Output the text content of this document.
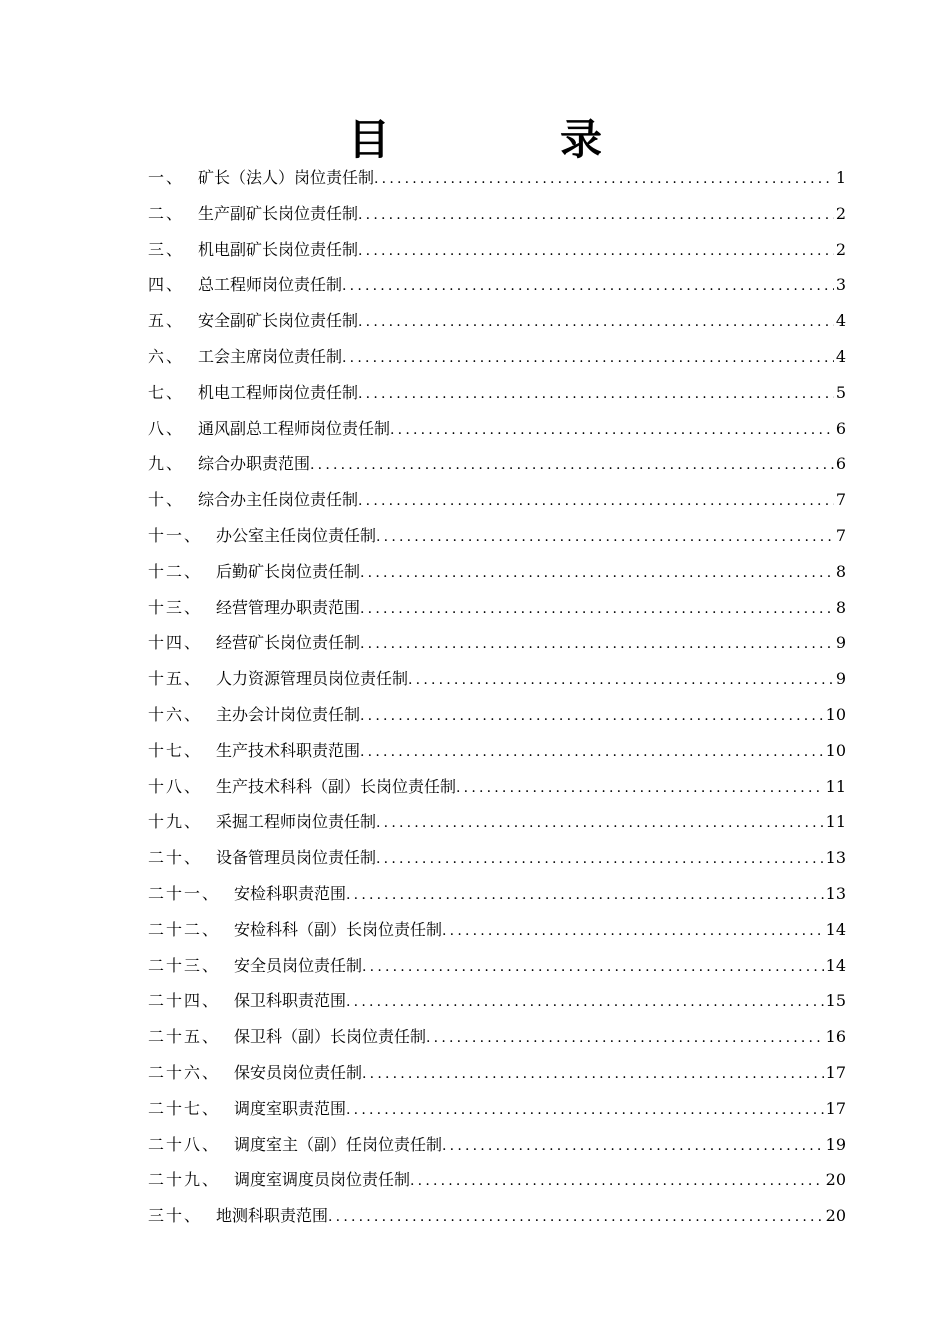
目　录
一、 矿长（法人）岗位责任制 .....	1
二、 生产副矿长岗位责任制 .....	2
三、 机电副矿长岗位责任制 .....	2
四、 总工程师岗位责任制 .....	3
五、 安全副矿长岗位责任制 .....	4
六、 工会主席岗位责任制 .....	4
七、 机电工程师岗位责任制 .....	5
八、 通风副总工程师岗位责任制 .....	6
九、 综合办职责范围 .....	6
十、 综合办主任岗位责任制 .....	7
十一、 办公室主任岗位责任制 .....	7
十二、 后勤矿长岗位责任制 .....	8
十三、 经营管理办职责范围 .....	8
十四、 经营矿长岗位责任制 .....	9
十五、 人力资源管理员岗位责任制 .....	9
十六、 主办会计岗位责任制 .....	10
十七、 生产技术科职责范围 .....	10
十八、 生产技术科科（副）长岗位责任制 .....	11
十九、 采掘工程师岗位责任制 .....	11
二十、 设备管理员岗位责任制 .....	13
二十一、 安检科职责范围 .....	13
二十二、 安检科科（副）长岗位责任制 .....	14
二十三、 安全员岗位责任制 .....	14
二十四、 保卫科职责范围 .....	15
二十五、 保卫科（副）长岗位责任制 .....	16
二十六、 保安员岗位责任制 .....	17
二十七、 调度室职责范围 .....	17
二十八、 调度室主（副）任岗位责任制 .....	19
二十九、 调度室调度员岗位责任制 .....	20
三十、 地测科职责范围 .....	20
